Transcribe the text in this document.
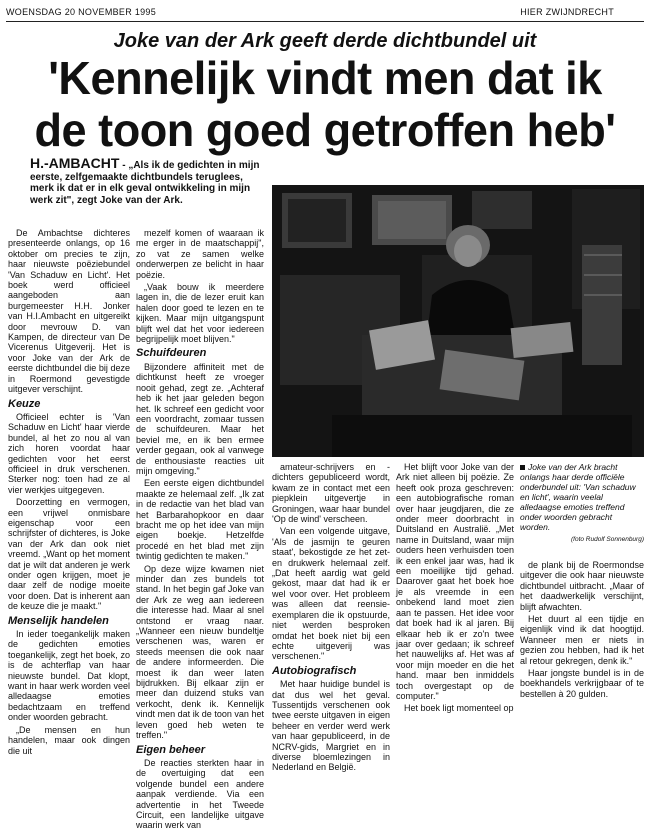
WOENSDAG 20 NOVEMBER 1995	HIER ZWIJNDRECHT
Joke van der Ark geeft derde dichtbundel uit
'Kennelijk vindt men dat ik
de toon goed getroffen heb'
H.-AMBACHT - „Als ik de gedichten in mijn eerste, zelfgemaakte dichtbundels teruglees, merk ik dat er in elk geval ontwikkeling in mijn werk zit", zegt Joke van der Ark.

De Ambachtse dichteres presenteerde onlangs, op 16 oktober om precies te zijn, haar nieuwste poëziebundel 'Van Schaduw en Licht'. Het boek werd officieel aangeboden aan burgemeester H.H. Jonker van H.I.Ambacht en uitgereikt door mevrouw D. van Kampen, de directeur van De Vicerenus Uitgeverij. Het is voor Joke van der Ark de eerste dichtbundel die bij deze in Roermond gevestigde uitgever verschijnt.

Keuze

Officieel echter is 'Van Schaduw en Licht' haar vierde bundel, al het zo nou al van zich horen voordat haar gedichten voor het eerst officieel in druk verschenen. Sterker nog: toen had ze al vier werkjes uitgegeven.

Doorzetting en vermogen, een vrijwel onmisbare eigenschap voor een schrijfster of dichteres, is Joke van der Ark dan ook niet vreemd. „Want op het moment dat je wilt dat anderen je werk onder ogen krijgen, moet je daar zelf de nodige moeite voor doen. Dat is inherent aan de keuze die je maakt."

Menselijk handelen

In ieder toegankelijk maken de gedichten emoties toegankelijk, zegt het boek, zo is de achterflap van haar nieuwste bundel. Dat klopt, want in haar werk worden veel alledaagse emoties bedachtzaam en treffend onder woorden gebracht.

„De mensen en hun handelen, maar ook dingen die uit

mezelf komen of waaraan ik me erger in de maatschappij", zo vat ze samen welke onderwerpen ze belicht in haar poëzie.

„Vaak bouw ik meerdere lagen in, die de lezer eruit kan halen door goed te lezen en te kijken. Maar mijn uitgangspunt blijft wel dat het voor iedereen begrijpelijk moet blijven."

Schuifdeuren

Bijzondere affiniteit met de dichtkunst heeft ze vroeger nooit gehad, zegt ze. „Achteraf heb ik het jaar geleden begon het. Ik schreef een gedicht voor een voordracht, zomaar tussen de schuifdeuren. Maar het beviel me, en ik ben ermee verder gegaan, ook al vanwege de enthousiaste reacties uit mijn omgeving."

Een eerste eigen dichtbundel maakte ze helemaal zelf. „Ik zat in de redactie van het blad van het Barbarahopkoor en daar bracht me op het idee van mijn eigen boekje. Hetzelfde procedé en het blad met zijn twintig gedichten te maken."

Op deze wijze kwamen niet minder dan zes bundels tot stand. In het begin gaf Joke van der Ark ze weg aan iedereen die interesse had. Maar al snel ontstond er vraag naar. „Wanneer een nieuw bundeltje verschenen was, waren er steeds meensen die ook naar de andere informeerden. Die moest ik dan weer laten bijdrukken. Bij elkaar zijn er meer dan duizend stuks van verkocht, denk ik. Kennelijk vindt men dat ik de toon van het leven goed heb weten te treffen."

Eigen beheer

De reacties sterkten haar in de overtuiging dat een volgende bundel een andere aanpak verdiende. Via een advertentie in het Tweede Circuit, een landelijke uitgave waarin werk van

amateur-schrijvers en -dichters gepubliceerd wordt, kwam ze in contact met een piepklein uitgevertje in Groningen, waar haar bundel 'Op de wind' verscheen.

Van een volgende uitgave, 'Als de jasmijn te geuren staat', bekostigde ze het zet- en drukwerk helemaal zelf. „Dat heeft aardig wat geld gekost, maar dat had ik er wel voor over. Het probleem was alleen dat reensie-exemplaren die ik opstuurde, niet werden besproken omdat het boek niet bij een echte uitgeverij was verschenen."

Autobiografisch

Met haar huidige bundel is dat dus wel het geval. Tussentijds verschenen ook twee eerste uitgaven in eigen beheer en verder werd werk van haar gepubliceerd, in de NCRV-gids, Margriet en in diverse bloemlezingen in Nederland en België.

Het blijft voor Joke van der Ark niet alleen bij poëzie. Ze heeft ook proza geschreven: een autobiografische roman over haar jeugdjaren, die ze onder meer doorbracht in Duitsland en Australië. „Met name in Duitsland, waar mijn ouders heen verhuisden toen ik een enkel jaar was, had ik een moeilijke tijd gehad. Daarover gaat het boek hoe je als vreemde in een onbekend land moet zien aan te passen. Het idee voor dat boek had ik al jaren. Bij elkaar heb ik er zo'n twee jaar over gedaan; ik schreef het nauwelijks af. Het was af voor mijn moeder en die het hand. maar ben inmiddels toch overgestapt op de computer."

Het boek ligt momenteel op

Joke van der Ark bracht onlangs haar derde officiële onderbundel uit: 'Van schaduw en licht', waarin veelal alledaagse emoties treffend onder woorden gebracht worden.
(foto Rudolf Sonnenburg)

de plank bij de Roermondse uitgever die ook haar nieuwste dichtbundel uitbracht. „Maar of het daadwerkelijk verschijnt, blijft afwachten.

Het duurt al een tijdje en eigenlijk vind ik dat hoogtijd. Wanneer men er niets in gezien zou hebben, had ik het al retour gekregen, denk ik."

Haar jongste bundel is in de boekhandels verkrijgbaar of te bestellen à 20 gulden.
